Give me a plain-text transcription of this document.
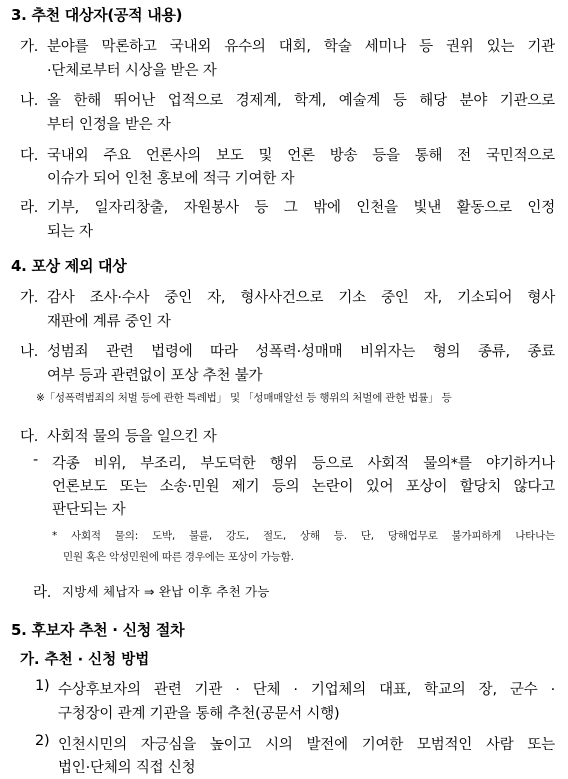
3. 추천 대상자(공적 내용)
가. 분야를 막론하고 국내외 유수의 대회, 학술 세미나 등 권위 있는 기관
·단체로부터 시상을 받은 자
나. 올 한해 뛰어난 업적으로 경제계, 학계, 예술계 등 해당 분야 기관으로
부터 인정을 받은 자
다. 국내외 주요 언론사의 보도 및 언론 방송 등을 통해 전 국민적으로
이슈가 되어 인천 홍보에 적극 기여한 자
라. 기부, 일자리창출, 자원봉사 등 그 밖에 인천을 빛낸 활동으로 인정
되는 자
4. 포상 제외 대상
가. 감사 조사·수사 중인 자, 형사사건으로 기소 중인 자, 기소되어 형사
재판에 계류 중인 자
나. 성범죄 관련 법령에 따라 성폭력·성매매 비위자는 형의 종류, 종료
여부 등과 관련없이 포상 추천 불가
※「성폭력범죄의 처벌 등에 관한 특례법」 및 「성매매알선 등 행위의 처벌에 관한 법률」 등
다. 사회적 물의 등을 일으킨 자
- 각종 비위, 부조리, 부도덕한 행위 등으로 사회적 물의*를 야기하거나
언론보도 또는 소송·민원 제기 등의 논란이 있어 포상이 할당치 않다고
판단되는 자
* 사회적 물의: 도박, 불륜, 강도, 절도, 상해 등. 단, 당해업무로 불가피하게 나타나는
민원 혹은 악성민원에 따른 경우에는 포상이 가능함.
라. 지방세 체납자 ⇒ 완납 이후 추천 가능
5. 후보자 추천 · 신청 절차
가. 추천 · 신청 방법
1) 수상후보자의 관련 기관 · 단체 · 기업체의 대표, 학교의 장, 군수 ·
구청장이 관계 기관을 통해 추천(공문서 시행)
2) 인천시민의 자긍심을 높이고 시의 발전에 기여한 모범적인 사람 또는
법인·단체의 직접 신청
